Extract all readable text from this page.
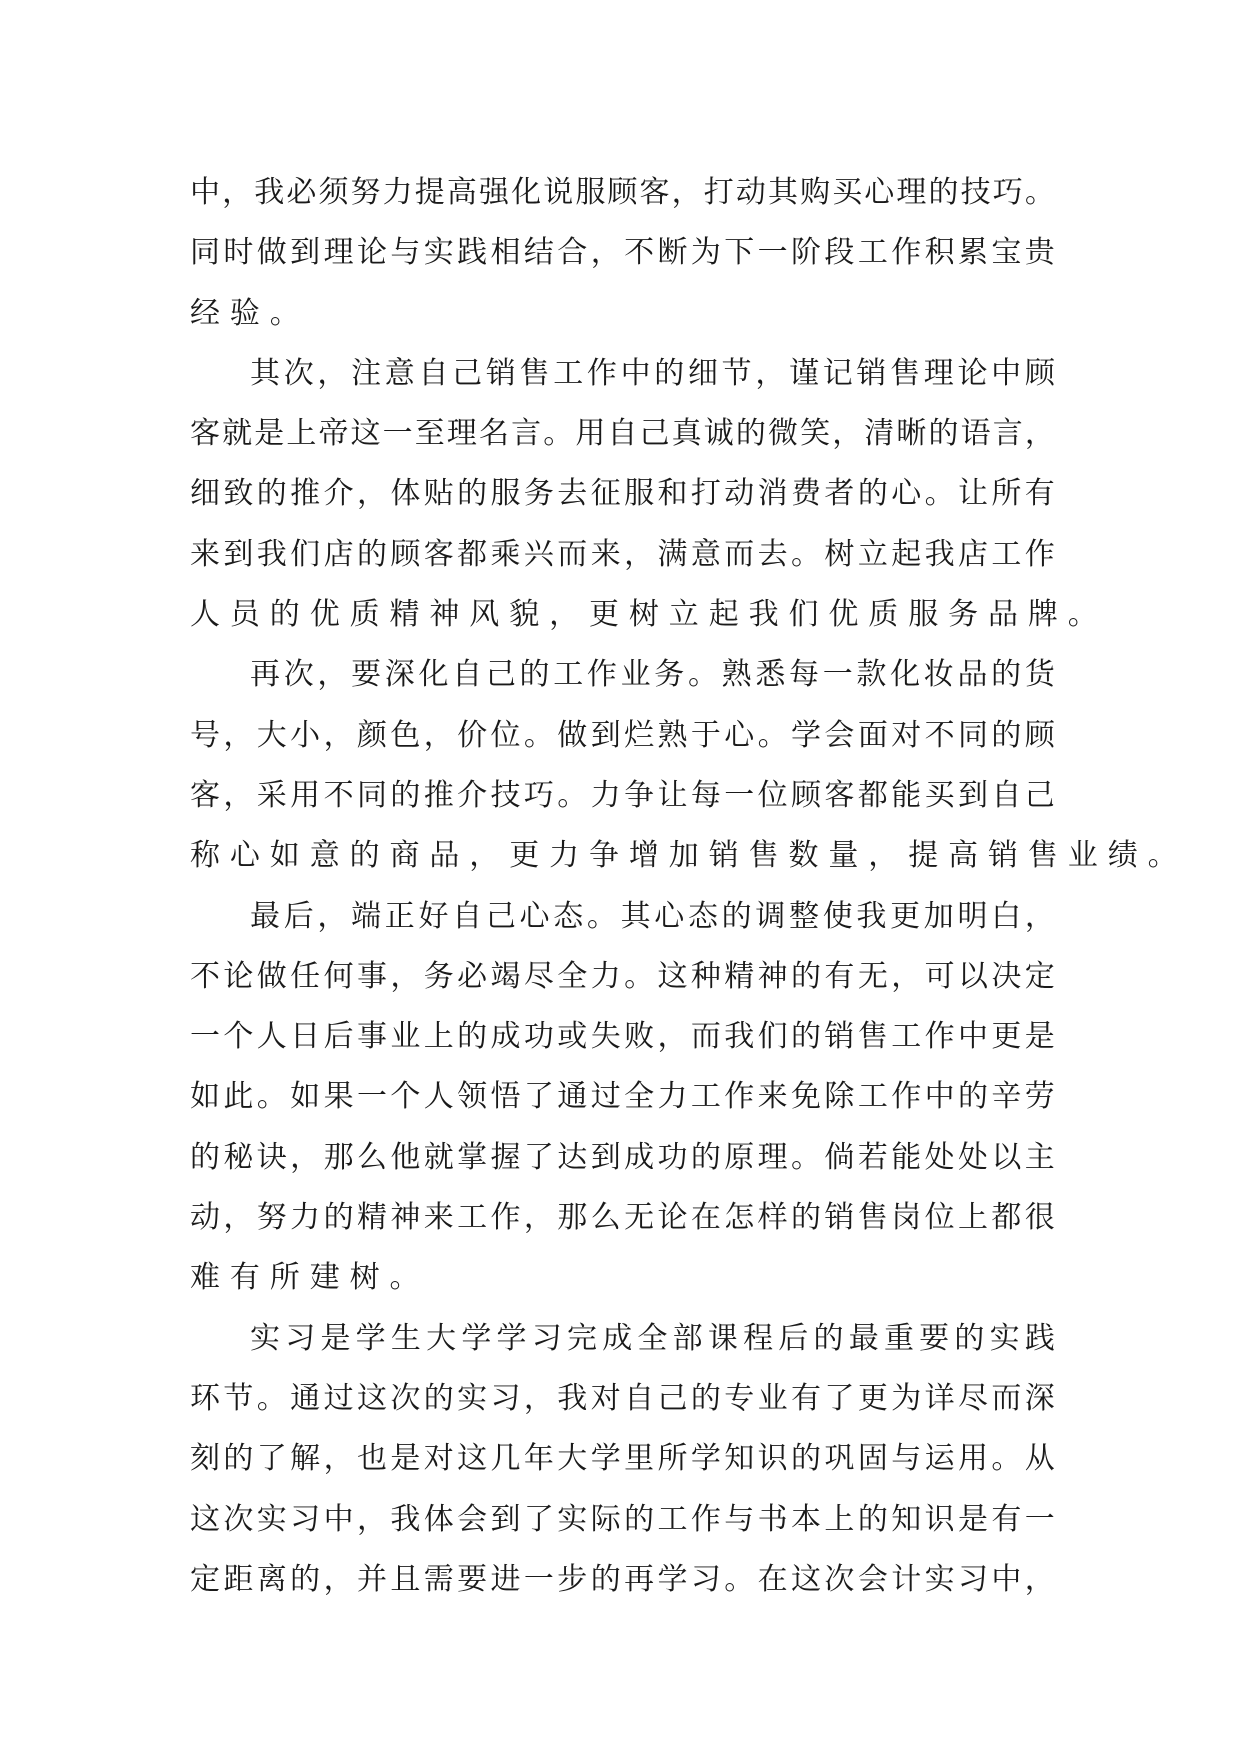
中 ， 我 必 须 努 力 提 高 强 化 说 服 顾 客 ， 打 动 其 购 买 心 理 的 技 巧 。
同 时 做 到 理 论 与 实 践 相 结 合 ， 不 断 为 下 一 阶 段 工 作 积 累 宝 贵
经验。
其 次 ， 注 意 自 己 销 售 工 作 中 的 细 节 ， 谨 记 销 售 理 论 中 顾
客 就 是 上 帝 这 一 至 理 名 言 。 用 自 己 真 诚 的 微 笑 ， 清 晰 的 语 言 ，
细 致 的 推 介 ， 体 贴 的 服 务 去 征 服 和 打 动 消 费 者 的 心 。 让 所 有
来 到 我 们 店 的 顾 客 都 乘 兴 而 来 ， 满 意 而 去 。 树 立 起 我 店 工 作
人员的优质精神风貌，更树立起我们优质服务品牌。
再 次 ， 要 深 化 自 己 的 工 作 业 务 。 熟 悉 每 一 款 化 妆 品 的 货
号 ， 大 小 ， 颜 色 ， 价 位 。 做 到 烂 熟 于 心 。 学 会 面 对 不 同 的 顾
客 ， 采 用 不 同 的 推 介 技 巧 。 力 争 让 每 一 位 顾 客 都 能 买 到 自 己
称心如意的商品，更力争增加销售数量，提高销售业绩。
最 后 ， 端 正 好 自 己 心 态 。 其 心 态 的 调 整 使 我 更 加 明 白 ，
不 论 做 任 何 事 ， 务 必 竭 尽 全 力 。 这 种 精 神 的 有 无 ， 可 以 决 定
一 个 人 日 后 事 业 上 的 成 功 或 失 败 ， 而 我 们 的 销 售 工 作 中 更 是
如 此 。 如 果 一 个 人 领 悟 了 通 过 全 力 工 作 来 免 除 工 作 中 的 辛 劳
的 秘 诀 ， 那 么 他 就 掌 握 了 达 到 成 功 的 原 理 。 倘 若 能 处 处 以 主
动 ， 努 力 的 精 神 来 工 作 ， 那 么 无 论 在 怎 样 的 销 售 岗 位 上 都 很
难有所建树。
实 习 是 学 生 大 学 学 习 完 成 全 部 课 程 后 的 最 重 要 的 实 践
环 节 。 通 过 这 次 的 实 习 ， 我 对 自 己 的 专 业 有 了 更 为 详 尽 而 深
刻 的 了 解 ， 也 是 对 这 几 年 大 学 里 所 学 知 识 的 巩 固 与 运 用 。 从
这 次 实 习 中 ， 我 体 会 到 了 实 际 的 工 作 与 书 本 上 的 知 识 是 有 一
定 距 离 的 ， 并 且 需 要 进 一 步 的 再 学 习 。 在 这 次 会 计 实 习 中 ，
